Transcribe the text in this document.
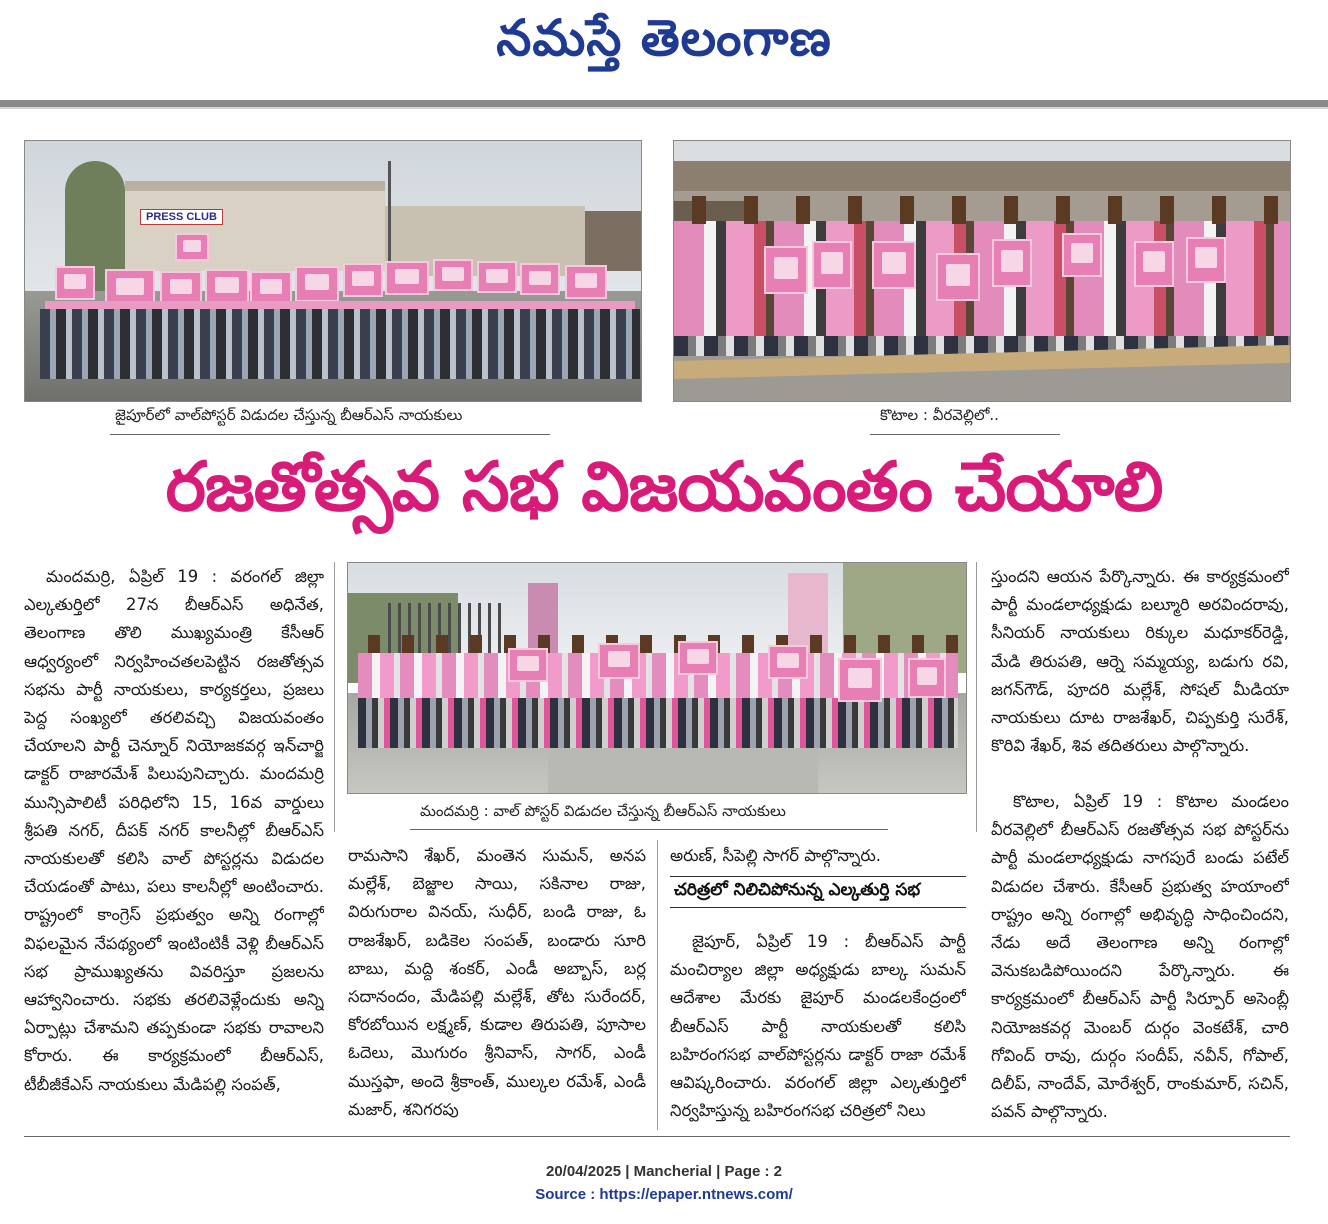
నమస్తే తెలంగాణ
PRESS CLUB
జైపూర్‌లో వాల్‌పోస్టర్‌ విడుదల చేస్తున్న బీఆర్‌ఎస్‌ నాయకులు	కొటాల : వీరవెల్లిలో..
రజతోత్సవ సభ విజయవంతం చేయాలి
మందమర్రి : వాల్‌ పోస్టర్‌ విడుదల చేస్తున్న బీఆర్‌ఎస్‌ నాయకులు

మందమర్రి, ఏప్రిల్‌ 19 : వరంగల్‌ జిల్లా ఎల్కతుర్తిలో 27న బీఆర్‌ఎస్‌ అధినేత, తెలంగాణ తొలి ముఖ్యమంత్రి కేసీఆర్‌ ఆధ్వర్యంలో నిర్వహించతలపెట్టిన రజతోత్సవ సభను పార్టీ నాయకులు, కార్యకర్తలు, ప్రజలు పెద్ద సంఖ్యలో తరలివచ్చి విజయవంతం చేయాలని పార్టీ చెన్నూర్‌ నియోజకవర్గ ఇన్‌చార్జి డాక్టర్‌ రాజారమేశ్‌ పిలుపునిచ్చారు. మందమర్రి మున్సిపాలిటీ పరిధిలోని 15, 16వ వార్డులు శ్రీపతి నగర్‌, దీపక్‌ నగర్‌ కాలనీల్లో బీఆర్‌ఎస్‌ నాయకులతో కలిసి వాల్‌ పోస్టర్లను విడుదల చేయడంతో పాటు, పలు కాలనీల్లో అంటించారు. రాష్ట్రంలో కాంగ్రెస్‌ ప్రభుత్వం అన్ని రంగాల్లో విఫలమైన నేపథ్యంలో ఇంటింటికీ వెళ్లి బీఆర్‌ఎస్‌ సభ ప్రాముఖ్యతను వివరిస్తూ ప్రజలను ఆహ్వానించారు. సభకు తరలివెళ్లేందుకు అన్ని ఏర్పాట్లు చేశామని తప్పకుండా సభకు రావాలని కోరారు. ఈ కార్యక్రమంలో బీఆర్‌ఎస్‌, టీబీజీకేఎస్‌ నాయకులు మేడిపల్లి సంపత్‌,

రామసాని శేఖర్‌, మంతెన సుమన్‌, అనప మల్లేశ్‌, బెజ్జాల సాయి, సకినాల రాజు, విరుగురాల వినయ్‌, సుధీర్‌, బండి రాజు, ఓ రాజశేఖర్‌, బడికెల సంపత్‌, బండారు సూరి బాబు, మద్ది శంకర్‌, ఎండీ అబ్బాస్‌, బర్ల సదానందం, మేడిపల్లి మల్లేశ్‌, తోట సురేందర్‌, కోరబోయిన లక్ష్మణ్‌, కుడాల తిరుపతి, పూసాల ఓదెలు, మొగురం శ్రీనివాస్‌, సాగర్‌, ఎండీ ముస్తఫా, అందె శ్రీకాంత్‌, ముల్కల రమేశ్‌, ఎండీ మజార్‌, శనిగరపు

అరుణ్‌, సీపెల్లి సాగర్‌ పాల్గొన్నారు.

చరిత్రలో నిలిచిపోనున్న ఎల్కతుర్తి సభ

జైపూర్‌, ఏప్రిల్‌ 19 : బీఆర్‌ఎస్‌ పార్టీ మంచిర్యాల జిల్లా అధ్యక్షుడు బాల్క సుమన్‌ ఆదేశాల మేరకు జైపూర్‌ మండలకేంద్రంలో బీఆర్‌ఎస్‌ పార్టీ నాయకులతో కలిసి బహిరంగసభ వాల్‌పోస్టర్లను డాక్టర్‌ రాజా రమేశ్‌ ఆవిష్కరించారు. వరంగల్‌ జిల్లా ఎల్కతుర్తిలో నిర్వహిస్తున్న బహిరంగసభ చరిత్రలో నిలు

స్తుందని ఆయన పేర్కొన్నారు. ఈ కార్యక్రమంలో పార్టీ మండలాధ్యక్షుడు బల్మూరి అరవిందరావు, సీనియర్‌ నాయకులు రిక్కుల మధూకర్‌రెడ్డి, మేడి తిరుపతి, ఆర్నె సమ్మయ్య, బడుగు రవి, జగన్‌గౌడ్‌, పూదరి మల్లేశ్‌, సోషల్‌ మీడియా నాయకులు దూట రాజశేఖర్‌, చిప్పకుర్తి సురేశ్‌, కొరివి శేఖర్‌, శివ తదితరులు పాల్గొన్నారు.

కొటాల, ఏప్రిల్‌ 19 : కొటాల మండలం వీరవెల్లిలో బీఆర్‌ఎస్‌ రజతోత్సవ సభ పోస్టర్‌ను పార్టీ మండలాధ్యక్షుడు నాగపురే బండు పటేల్‌ విడుదల చేశారు. కేసీఆర్‌ ప్రభుత్వ హయాంలో రాష్ట్రం అన్ని రంగాల్లో అభివృద్ధి సాధించిందని, నేడు అదే తెలంగాణ అన్ని రంగాల్లో వెనుకబడిపోయిందని పేర్కొన్నారు. ఈ కార్యక్రమంలో బీఆర్‌ఎస్‌ పార్టీ సిర్పూర్‌ అసెంబ్లీ నియోజకవర్గ మెంబర్‌ దుర్గం వెంకటేశ్‌, చారి గోవింద్‌ రావు, దుర్గం సందీప్‌, నవీన్‌, గోపాల్‌, దిలీప్‌, నాందేవ్‌, మోరేశ్వర్‌, రాంకుమార్‌, సచిన్‌, పవన్‌ పాల్గొన్నారు.

20/04/2025 | Mancherial | Page : 2
Source : https://epaper.ntnews.com/
